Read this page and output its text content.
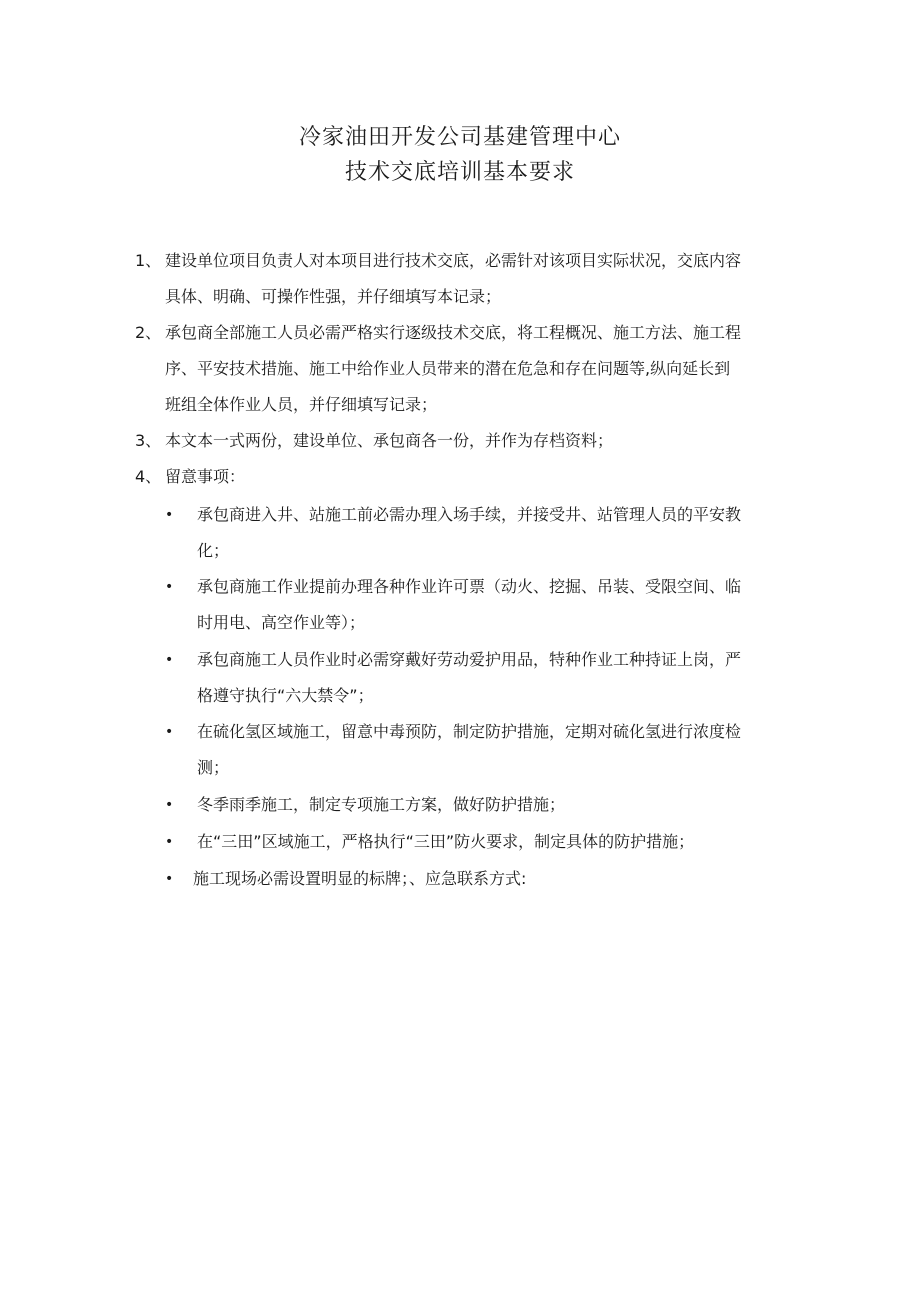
冷家油田开发公司基建管理中心
技术交底培训基本要求
1、 建设单位项目负责人对本项目进行技术交底，必需针对该项目实际状况，交底内容
具体、明确、可操作性强，并仔细填写本记录；
2、 承包商全部施工人员必需严格实行逐级技术交底，将工程概况、施工方法、施工程
序、平安技术措施、施工中给作业人员带来的潜在危急和存在问题等,纵向延长到
班组全体作业人员，并仔细填写记录；
3、 本文本一式两份，建设单位、承包商各一份，并作为存档资料；
4、 留意事项：
• 承包商进入井、站施工前必需办理入场手续，并接受井、站管理人员的平安教
化；
• 承包商施工作业提前办理各种作业许可票（动火、挖掘、吊装、受限空间、临
时用电、高空作业等）；
• 承包商施工人员作业时必需穿戴好劳动爱护用品，特种作业工种持证上岗，严
格遵守执行“六大禁令”；
• 在硫化氢区域施工，留意中毒预防，制定防护措施，定期对硫化氢进行浓度检
测；
• 冬季雨季施工，制定专项施工方案，做好防护措施；
• 在“三田”区域施工，严格执行“三田”防火要求，制定具体的防护措施；
• 施工现场必需设置明显的标牌；、应急联系方式:
